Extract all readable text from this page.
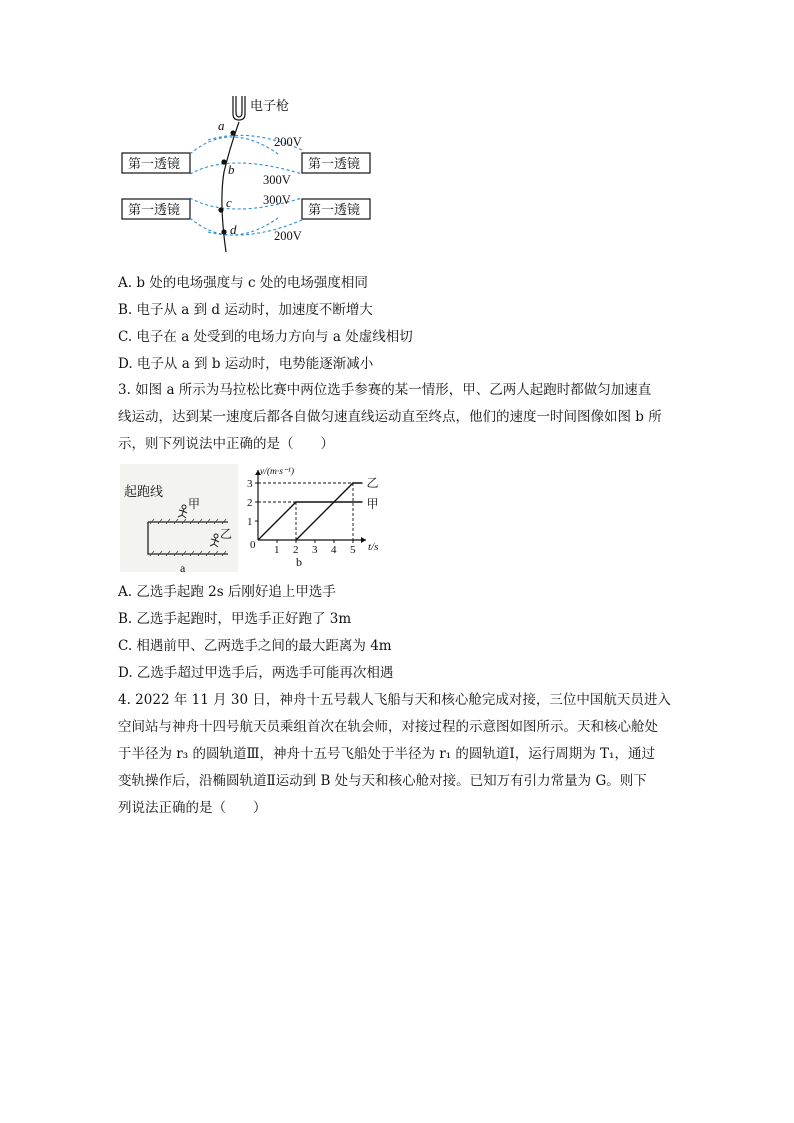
电子枪
第一透镜	第一透镜
第一透镜	第一透镜
a
b
c
d
200V
300V
300V
200V
A. b 处的电场强度与 c 处的电场强度相同
B. 电子从 a 到 d 运动时，加速度不断增大
C. 电子在 a 处受到的电场力方向与 a 处虚线相切
D. 电子从 a 到 b 运动时，电势能逐渐减小
3. 如图 a 所示为马拉松比赛中两位选手参赛的某一情形，甲、乙两人起跑时都做匀加速直
线运动，达到某一速度后都各自做匀速直线运动直至终点，他们的速度一时间图像如图 b 所
示，则下列说法中正确的是（　　）
起跑线
甲
乙
a
1
2
3
1 2 3 4 5
乙
甲
v/(m·s⁻¹)
t/s
0
b
A. 乙选手起跑 2s 后刚好追上甲选手
B. 乙选手起跑时，甲选手正好跑了 3m
C. 相遇前甲、乙两选手之间的最大距离为 4m
D. 乙选手超过甲选手后，两选手可能再次相遇
4. 2022 年 11 月 30 日，神舟十五号载人飞船与天和核心舱完成对接，三位中国航天员进入
空间站与神舟十四号航天员乘组首次在轨会师，对接过程的示意图如图所示。天和核心舱处
于半径为 r₃ 的圆轨道Ⅲ，神舟十五号飞船处于半径为 r₁ 的圆轨道Ⅰ，运行周期为 T₁，通过
变轨操作后，沿椭圆轨道Ⅱ运动到 B 处与天和核心舱对接。已知万有引力常量为 G。则下
列说法正确的是（　　）
